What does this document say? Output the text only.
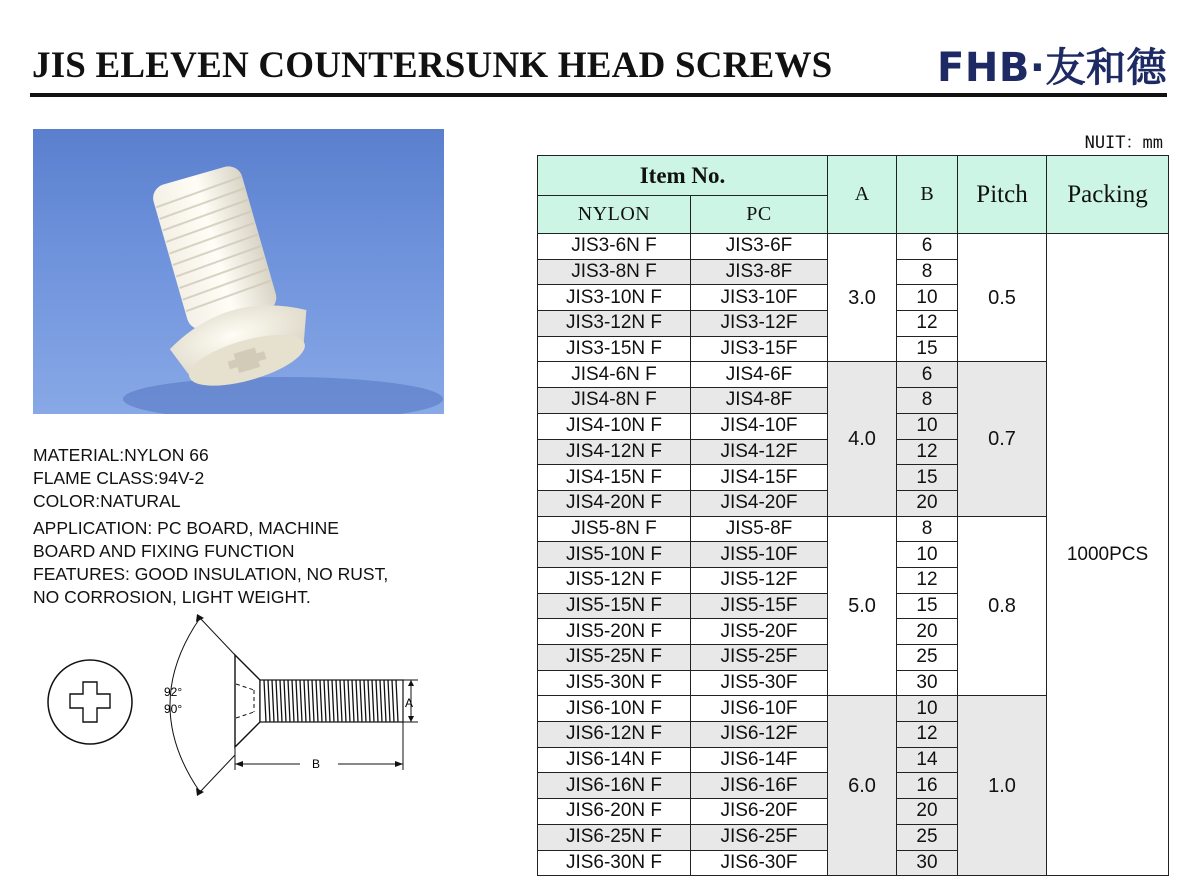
JIS ELEVEN COUNTERSUNK HEAD SCREWS	FHB·友和德
MATERIAL:NYLON 66
FLAME CLASS:94V-2
COLOR:NATURAL
APPLICATION: PC BOARD, MACHINE
BOARD AND FIXING FUNCTION
FEATURES: GOOD INSULATION, NO RUST,
NO CORROSION, LIGHT WEIGHT.
92°
90°	A
B
NUIT：mm
Item No.		A	B	Pitch	Packing
NYLON	PC				
JIS3-6N F	JIS3-6F	3.0	6	0.5	1000PCS
JIS3-8N F	JIS3-8F		8		
JIS3-10N F	JIS3-10F		10		
JIS3-12N F	JIS3-12F		12		
JIS3-15N F	JIS3-15F		15		
JIS4-6N F	JIS4-6F	4.0	6	0.7	
JIS4-8N F	JIS4-8F		8		
JIS4-10N F	JIS4-10F		10		
JIS4-12N F	JIS4-12F		12		
JIS4-15N F	JIS4-15F		15		
JIS4-20N F	JIS4-20F		20		
JIS5-8N F	JIS5-8F	5.0	8	0.8	
JIS5-10N F	JIS5-10F		10		
JIS5-12N F	JIS5-12F		12		
JIS5-15N F	JIS5-15F		15		
JIS5-20N F	JIS5-20F		20		
JIS5-25N F	JIS5-25F		25		
JIS5-30N F	JIS5-30F		30		
JIS6-10N F	JIS6-10F	6.0	10	1.0	
JIS6-12N F	JIS6-12F		12		
JIS6-14N F	JIS6-14F		14		
JIS6-16N F	JIS6-16F		16		
JIS6-20N F	JIS6-20F		20		
JIS6-25N F	JIS6-25F		25		
JIS6-30N F	JIS6-30F		30		
